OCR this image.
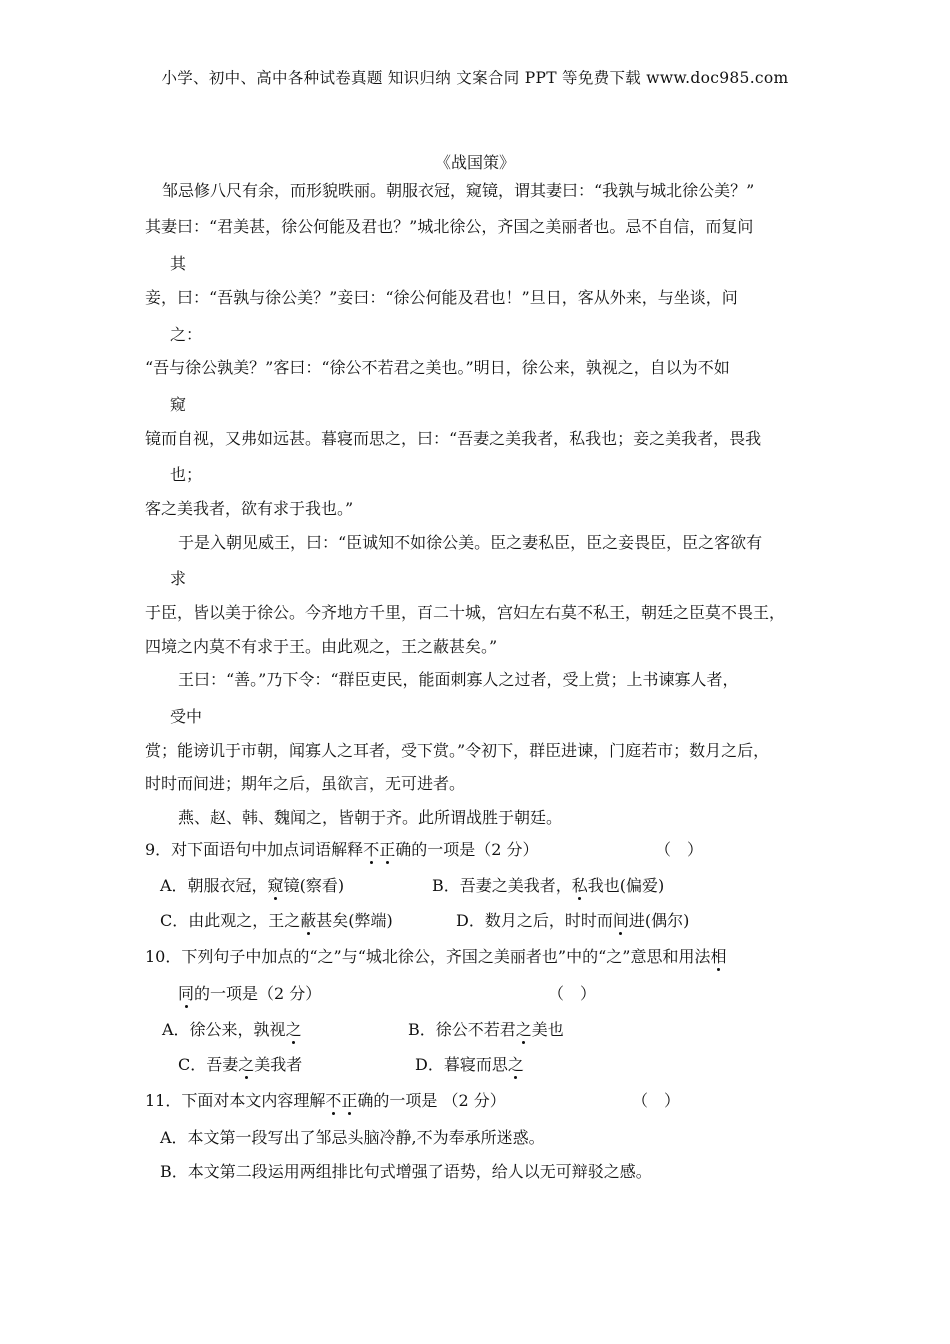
小学、初中、高中各种试卷真题 知识归纳 文案合同 PPT 等免费下载 www.doc985.com
《战国策》
邹忌修八尺有余，而形貌昳丽。朝服衣冠，窥镜，谓其妻曰：“我孰与城北徐公美？”
其妻曰：“君美甚，徐公何能及君也？”城北徐公，齐国之美丽者也。忌不自信，而复问
其
妾，曰：“吾孰与徐公美？”妾曰：“徐公何能及君也！”旦日，客从外来，与坐谈，问
之：
“吾与徐公孰美？”客曰：“徐公不若君之美也。”明日，徐公来，孰视之，自以为不如
窥
镜而自视，又弗如远甚。暮寝而思之，曰：“吾妻之美我者，私我也；妾之美我者，畏我
也；
客之美我者，欲有求于我也。”
于是入朝见威王，曰：“臣诚知不如徐公美。臣之妻私臣，臣之妾畏臣，臣之客欲有
求
于臣，皆以美于徐公。今齐地方千里，百二十城，宫妇左右莫不私王，朝廷之臣莫不畏王，
四境之内莫不有求于王。由此观之，王之蔽甚矣。”
王曰：“善。”乃下令：“群臣吏民，能面刺寡人之过者，受上赏；上书谏寡人者，
受中
赏；能谤讥于市朝，闻寡人之耳者，受下赏。”令初下，群臣进谏，门庭若市；数月之后，
时时而间进；期年之后，虽欲言，无可进者。
燕、赵、韩、魏闻之，皆朝于齐。此所谓战胜于朝廷。
9．对下面语句中加点词语解释不正确的一项是（2 分）	（　）
A．朝服衣冠，窥镜(察看)	B．吾妻之美我者，私我也(偏爱)
C．由此观之，王之蔽甚矣(弊端)	D．数月之后，时时而间进(偶尔)
10．下列句子中加点的“之”与“城北徐公，齐国之美丽者也”中的“之”意思和用法相
同的一项是（2 分）	（　）
A．徐公来，孰视之	B．徐公不若君之美也
C．吾妻之美我者	D．暮寝而思之
11．下面对本文内容理解不正确的一项是 （2 分）	（　）
A．本文第一段写出了邹忌头脑冷静,不为奉承所迷惑。
B．本文第二段运用两组排比句式增强了语势，给人以无可辩驳之感。
